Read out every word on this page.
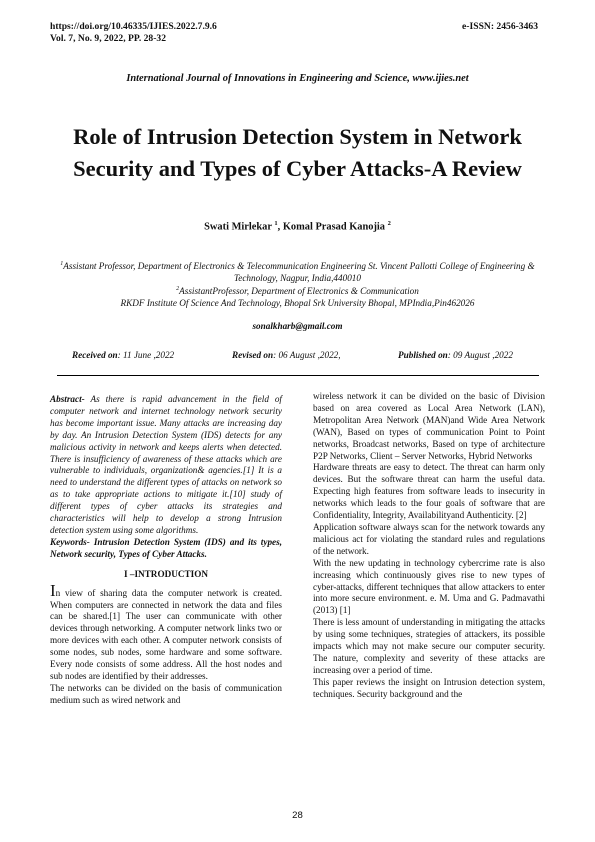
https://doi.org/10.46335/IJIES.2022.7.9.6
Vol. 7, No. 9, 2022, PP. 28-32
e-ISSN: 2456-3463
International Journal of Innovations in Engineering and Science, www.ijies.net
Role of Intrusion Detection System in Network Security and Types of Cyber Attacks-A Review
Swati Mirlekar $^1$, Komal Prasad Kanojia $^2$
$^1$Assistant Professor, Department of Electronics & Telecommunication Engineering St. Vincent Pallotti College of Engineering & Technology, Nagpur, India,440010
$^2$AssistantProfessor, Department of Electronics & Communication
RKDF Institute Of Science And Technology, Bhopal Srk University Bhopal, MPIndia,Pin462026
sonalkharb@gmail.com
Received on: 11 June ,2022	Revised on: 06 August ,2022,	Published on: 09 August ,2022

Abstract- As there is rapid advancement in the field of computer network and internet technology network security has become important issue. Many attacks are increasing day by day. An Intrusion Detection System (IDS) detects for any malicious activity in network and keeps alerts when detected. There is insufficiency of awareness of these attacks which are vulnerable to individuals, organization& agencies.[1] It is a need to understand the different types of attacks on network so as to take appropriate actions to mitigate it.[10] study of different types of cyber attacks its strategies and characteristics will help to develop a strong Intrusion detection system using some algorithms.

Keywords- Intrusion Detection System (IDS) and its types, Network security, Types of Cyber Attacks.

I –INTRODUCTION

In view of sharing data the computer network is created. When computers are connected in network the data and files can be shared.[1] The user can communicate with other devices through networking. A computer network links two or more devices with each other. A computer network consists of some nodes, sub nodes, some hardware and some software. Every node consists of some address. All the host nodes and sub nodes are identified by their addresses.

The networks can be divided on the basis of communication medium such as wired network and

wireless network it can be divided on the basic of Division based on area covered as Local Area Network (LAN), Metropolitan Area Network (MAN)and Wide Area Network (WAN), Based on types of communication Point to Point networks, Broadcast networks, Based on type of architecture P2P Networks, Client – Server Networks, Hybrid Networks

Hardware threats are easy to detect. The threat can harm only devices. But the software threat can harm the useful data. Expecting high features from software leads to insecurity in networks which leads to the four goals of software that are Confidentiality, Integrity, Availabilityand Authenticity. [2]

Application software always scan for the network towards any malicious act for violating the standard rules and regulations of the network.

With the new updating in technology cybercrime rate is also increasing which continuously gives rise to new types of cyber-attacks, different techniques that allow attackers to enter into more secure environment. e. M. Uma and G. Padmavathi (2013) [1]

There is less amount of understanding in mitigating the attacks by using some techniques, strategies of attackers, its possible impacts which may not make secure our computer security. The nature, complexity and severity of these attacks are increasing over a period of time.

This paper reviews the insight on Intrusion detection system, techniques. Security background and the

28
